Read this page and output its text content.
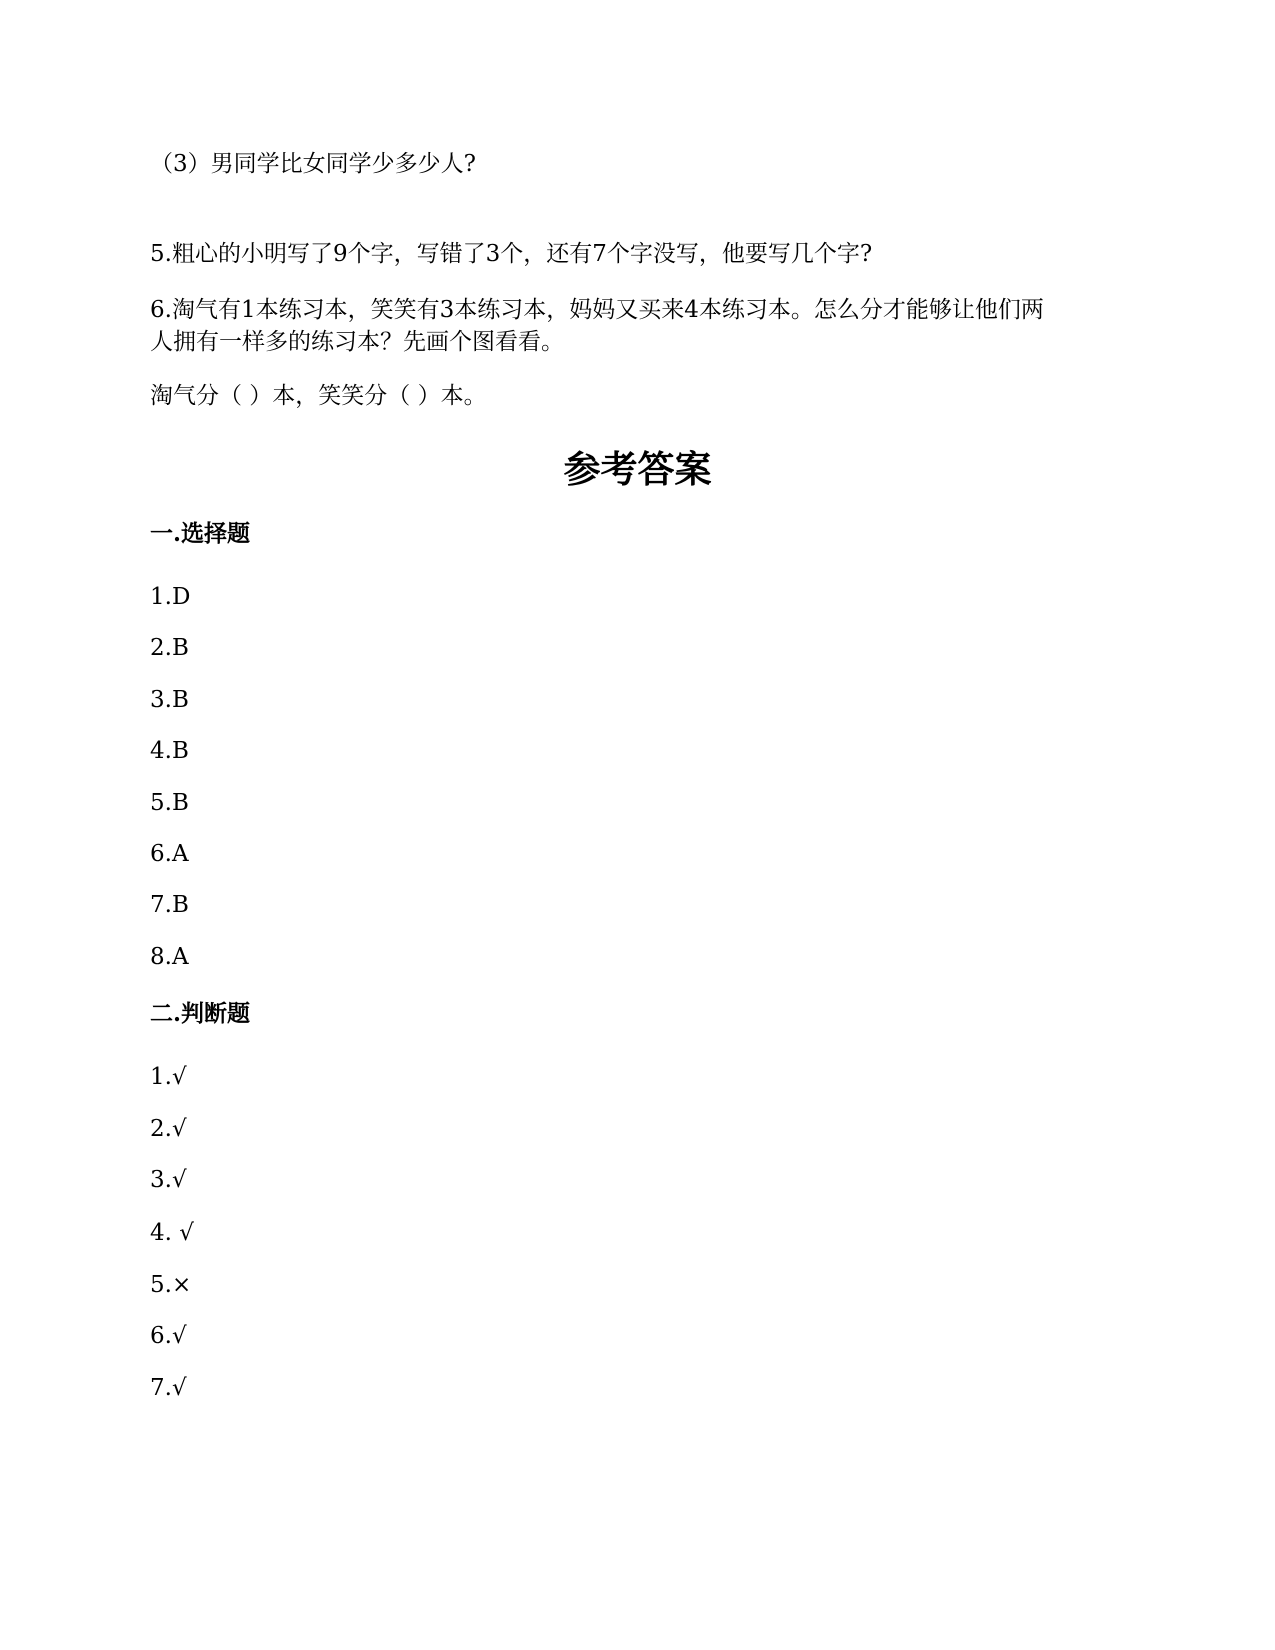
（3）男同学比女同学少多少人?
5.粗心的小明写了9个字，写错了3个，还有7个字没写，他要写几个字?
6.淘气有1本练习本，笑笑有3本练习本，妈妈又买来4本练习本。怎么分才能够让他们两
人拥有一样多的练习本？先画个图看看。
淘气分（ ）本，笑笑分（ ）本。
参考答案
一.选择题
1.D
2.B
3.B
4.B
5.B
6.A
7.B
8.A
二.判断题
1.√
2.√
3.√
4. √
5.×
6.√
7.√
